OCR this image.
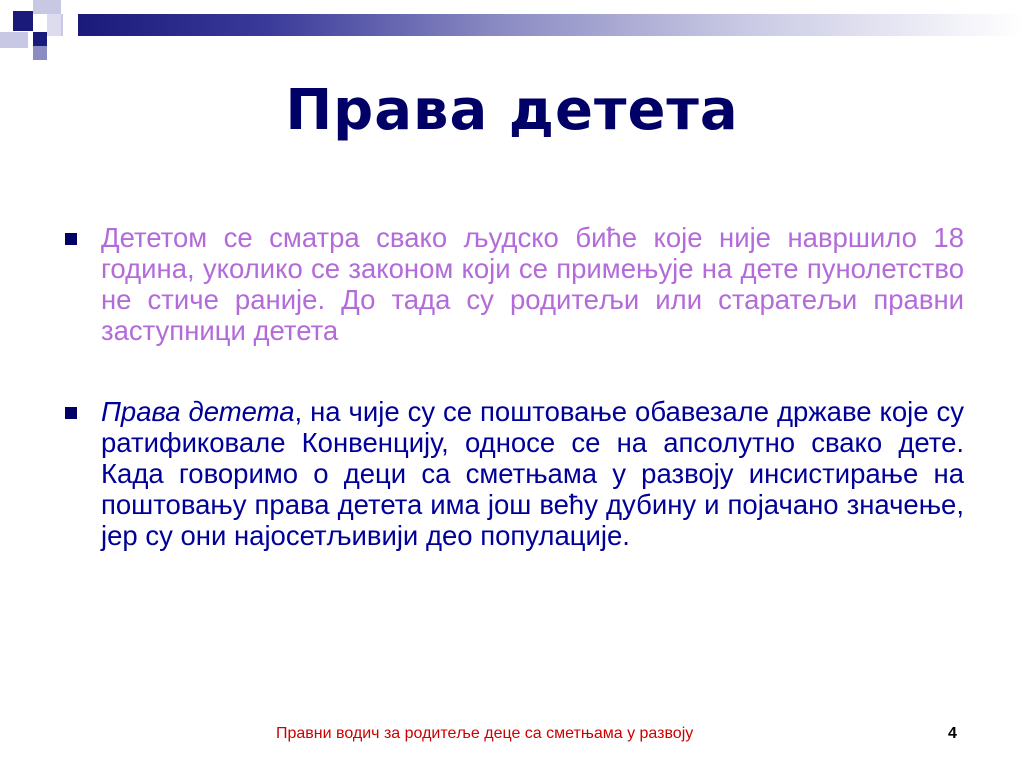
Права детета
Дететом се сматра свако људско биће које није навршило 18 година, уколико се законом који се примењује на дете пунолетство не стиче раније. До тада су родитељи или старатељи правни заступници детета
Права детета, на чије су се поштовање обавезале државе које су ратификовале Конвенцију, односе се на апсолутно свако дете. Када говоримо о деци са сметњама у развоју инсистирање на поштовању права детета има још већу дубину и појачано значење, јер су они најосетљивији део популације.
Правни водич за родитеље деце са сметњама у развоју	4
